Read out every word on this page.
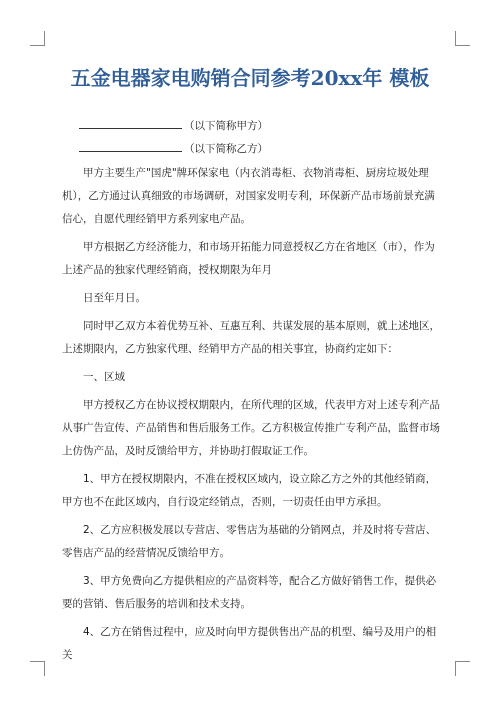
五金电器家电购销合同参考20xx年 模板
（以下简称甲方）
（以下简称乙方）

甲方主要生产"国虎"牌环保家电（内衣消毒柜、衣物消毒柜、厨房垃圾处理机），乙方通过认真细致的市场调研，对国家发明专利，环保新产品市场前景充满信心，自愿代理经销甲方系列家电产品。

甲方根据乙方经济能力，和市场开拓能力同意授权乙方在省地区（市），作为上述产品的独家代理经销商，授权期限为年月

日至年月日。

同时甲乙双方本着优势互补、互惠互利、共谋发展的基本原则，就上述地区，上述期限内，乙方独家代理、经销甲方产品的相关事宜，协商约定如下：

一、区域

甲方授权乙方在协议授权期限内，在所代理的区域，代表甲方对上述专利产品从事广告宣传、产品销售和售后服务工作。乙方积极宣传推广专利产品，监督市场上仿伪产品，及时反馈给甲方，并协助打假取证工作。

1、甲方在授权期限内，不准在授权区域内，设立除乙方之外的其他经销商，甲方也不在此区域内，自行设定经销点，否则，一切责任由甲方承担。

2、乙方应积极发展以专营店、零售店为基础的分销网点，并及时将专营店、零售店产品的经营情况反馈给甲方。

3、甲方免费向乙方提供相应的产品资料等，配合乙方做好销售工作，提供必要的营销、售后服务的培训和技术支持。

4、乙方在销售过程中，应及时向甲方提供售出产品的机型、编号及用户的相关
